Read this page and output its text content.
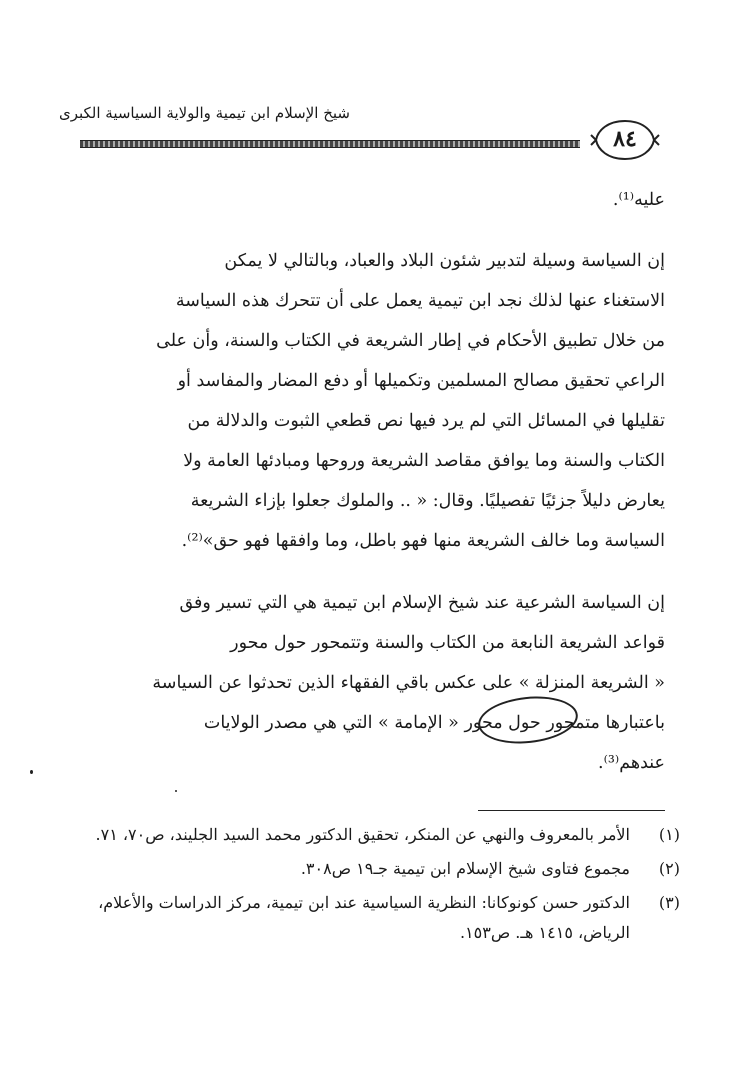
شيخ الإسلام ابن تيمية والولاية السياسية الكبرى
٨٤
عليه⁽¹⁾.
إن السياسة وسيلة لتدبير شئون البلاد والعباد، وبالتالي لا يمكن
الاستغناء عنها لذلك نجد ابن تيمية يعمل على أن تتحرك هذه السياسة
من خلال تطبيق الأحكام في إطار الشريعة في الكتاب والسنة، وأن على
الراعي تحقيق مصالح المسلمين وتكميلها أو دفع المضار والمفاسد أو
تقليلها في المسائل التي لم يرد فيها نص قطعي الثبوت والدلالة من
الكتاب والسنة وما يوافق مقاصد الشريعة وروحها ومبادئها العامة ولا
يعارض دليلاً جزئيًا تفصيليًا. وقال: « .. والملوك جعلوا بإزاء الشريعة
السياسة وما خالف الشريعة منها فهو باطل، وما وافقها فهو حق»⁽²⁾.
إن السياسة الشرعية عند شيخ الإسلام ابن تيمية هي التي تسير وفق
قواعد الشريعة النابعة من الكتاب والسنة وتتمحور حول محور
« الشريعة المنزلة » على عكس باقي الفقهاء الذين تحدثوا عن السياسة
باعتبارها متمحور حول محور « الإمامة » التي هي مصدر الولايات
عندهم⁽³⁾.
(١)
الأمر بالمعروف والنهي عن المنكر، تحقيق الدكتور محمد السيد الجليند، ص٧٠، ٧١.
(٢)
مجموع فتاوى شيخ الإسلام ابن تيمية جـ١٩ ص٣٠٨.
(٣)
الدكتور حسن كونوكانا: النظرية السياسية عند ابن تيمية، مركز الدراسات والأعلام، الرياض، ١٤١٥ هـ. ص١٥٣.
